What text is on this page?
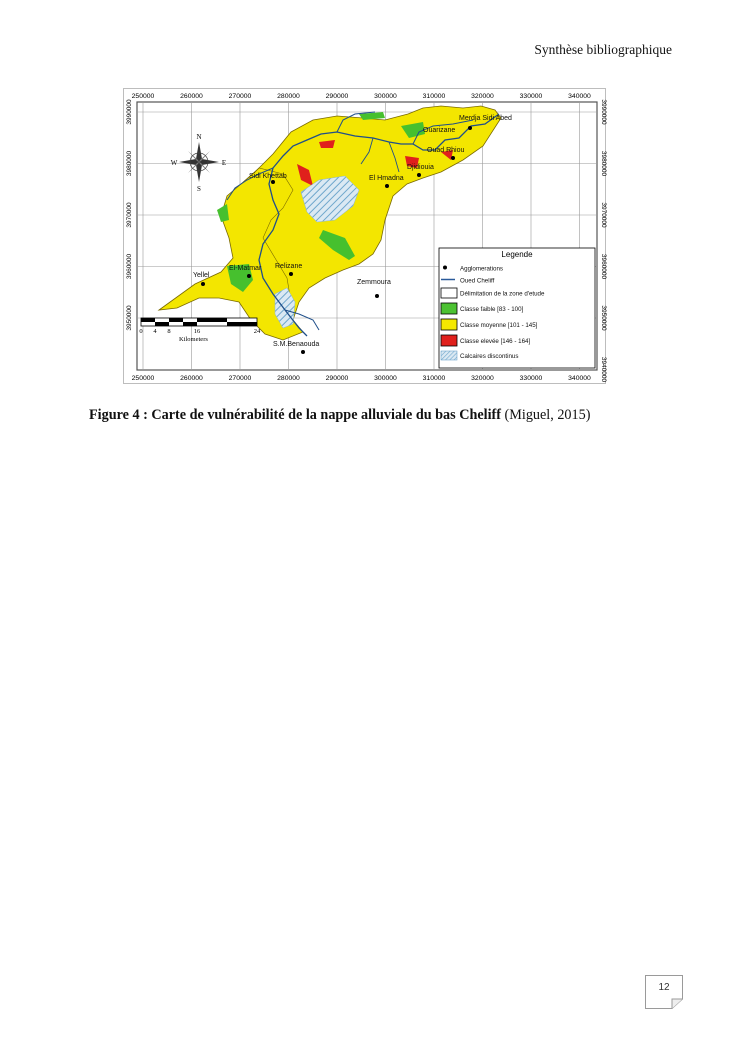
Synthèse bibliographique
250000	260000	270000	280000	290000	300000	310000	320000	330000	340000
250000	260000	270000	280000	290000	300000	310000	320000	330000	340000
3990000
3980000
3970000
3960000
3950000
3990000
3980000
3970000
3960000
3950000
3940000
N
S
E
W
0 4 8	16	24
Kilometers
Legende
Agglomerations
Oued Cheliff
Délimitation de la zone d'etude
Classe faible [83 - 100]
Classe moyenne [101 - 145]
Classe elevée [146 - 164]
Calcaires discontinus
Merdja Sidi Abed
Ouarizane
Ouad Rhiou
Sidi Khettab
Djidiouia
El Hmadna
Yellel
El-Matmar Relizane
Zemmoura
S.M.Benaouda
Figure 4 : Carte de vulnérabilité de la nappe alluviale du bas Cheliff (Miguel, 2015)
12
